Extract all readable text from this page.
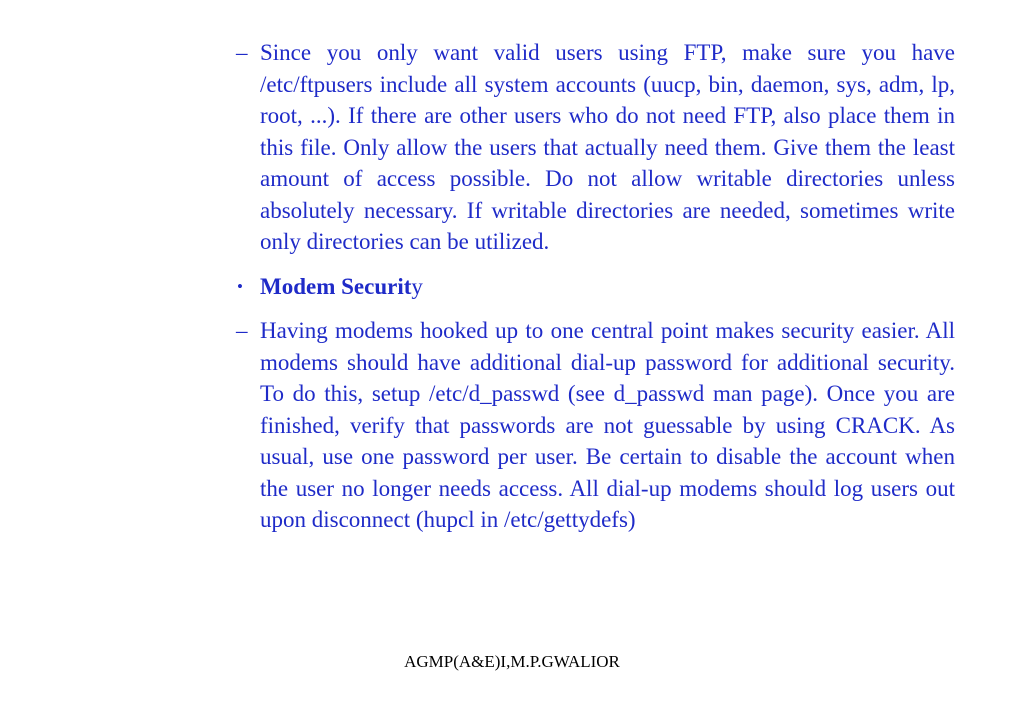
– Since you only want valid users using FTP, make sure you have /etc/ftpusers include all system accounts (uucp, bin, daemon, sys, adm, lp, root, ...). If there are other users who do not need FTP, also place them in this file. Only allow the users that actually need them. Give them the least amount of access possible. Do not allow writable directories unless absolutely necessary. If writable directories are needed, sometimes write only directories can be utilized.
• Modem Security
– Having modems hooked up to one central point makes security easier. All modems should have additional dial-up password for additional security. To do this, setup /etc/d_passwd (see d_passwd man page). Once you are finished, verify that passwords are not guessable by using CRACK. As usual, use one password per user. Be certain to disable the account when the user no longer needs access. All dial-up modems should log users out upon disconnect (hupcl in /etc/gettydefs)
AGMP(A&E)I,M.P.GWALIOR
